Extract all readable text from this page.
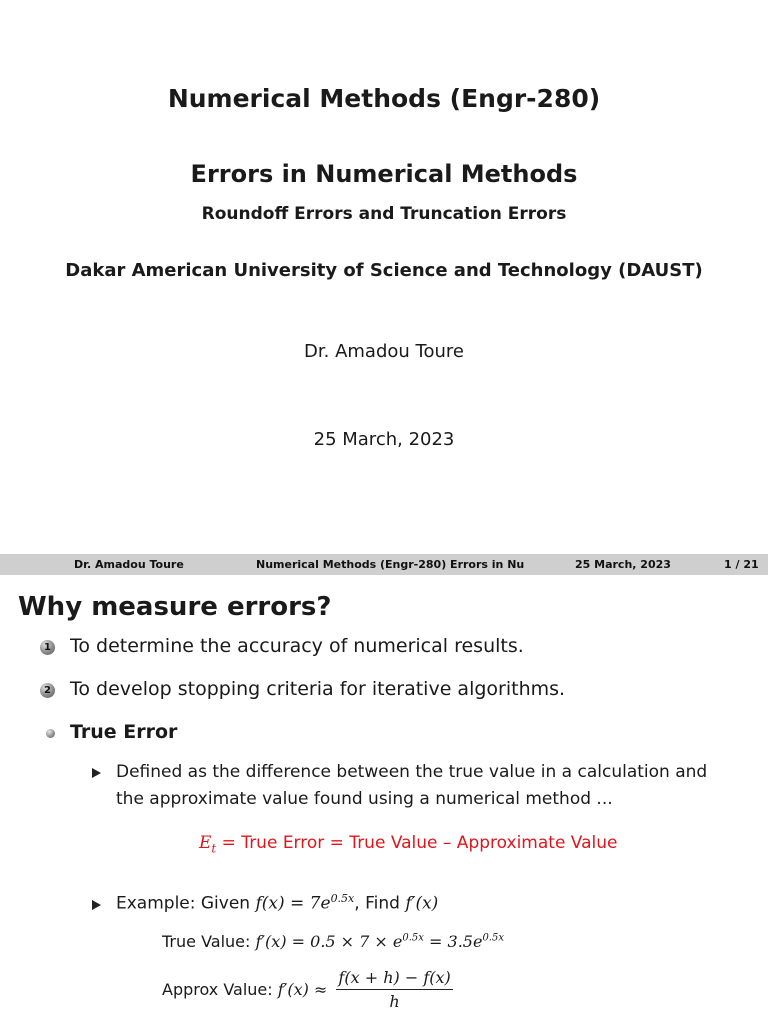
Numerical Methods (Engr-280)
Errors in Numerical Methods
Roundoff Errors and Truncation Errors
Dakar American University of Science and Technology (DAUST)
Dr. Amadou Toure
25 March, 2023
Dr. Amadou Toure	Numerical Methods (Engr-280) Errors in Nu	25 March, 2023	1 / 21
Why measure errors?
1 To determine the accuracy of numerical results.
2 To develop stopping criteria for iterative algorithms.
True Error
Defined as the difference between the true value in a calculation and
the approximate value found using a numerical method ...
$E_t$ = True Error = True Value – Approximate Value
Example: Given $f(x) = 7e^{0.5x}$, Find f′(x)
True Value: $f'(x) = 0.5 \times 7 \times e^{0.5x} = 3.5e^{0.5x}$
Approx Value: $f'(x) \approx \frac{f(x + h) - f(x)}{h}$
